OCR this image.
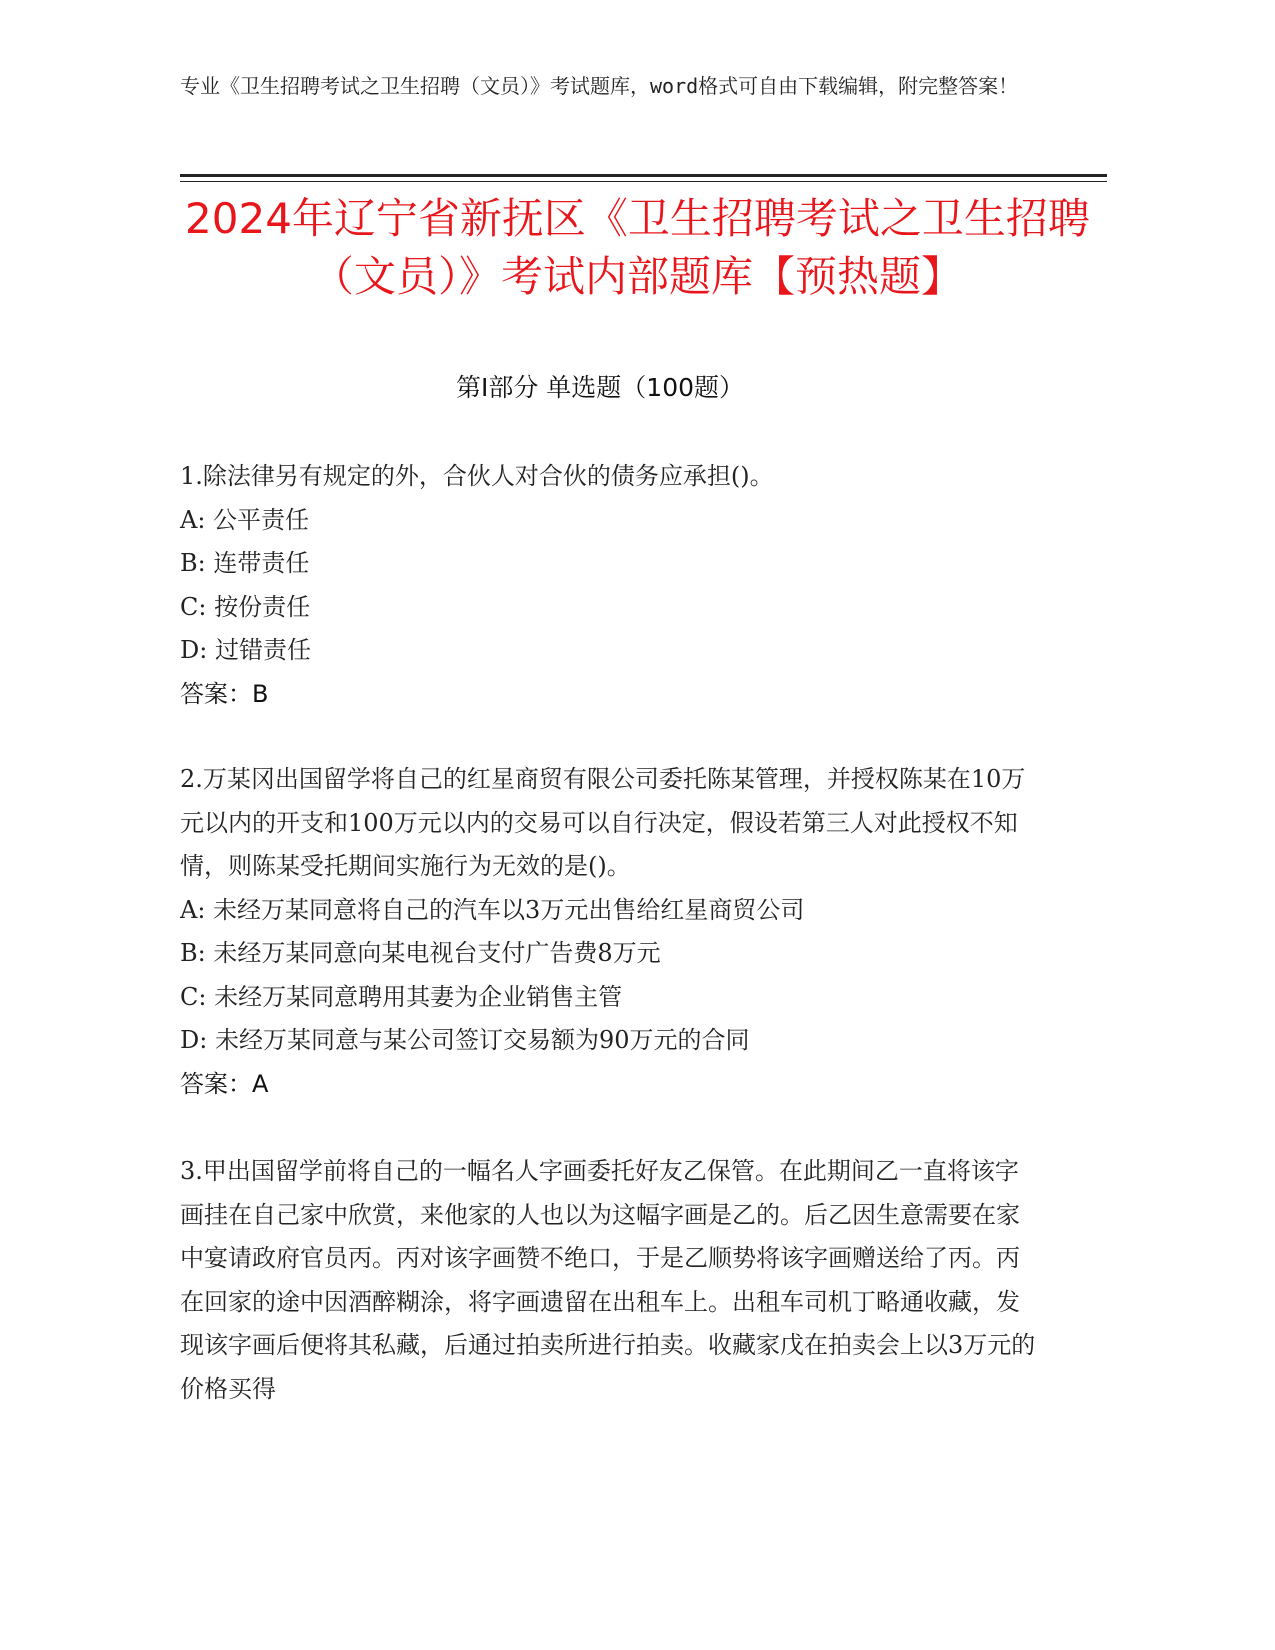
专业《卫生招聘考试之卫生招聘（文员）》考试题库，word格式可自由下载编辑，附完整答案！
2024年辽宁省新抚区《卫生招聘考试之卫生招聘（文员）》考试内部题库【预热题】
第Ⅰ部分 单选题（100题）
1.除法律另有规定的外，合伙人对合伙的债务应承担()。
A: 公平责任
B: 连带责任
C: 按份责任
D: 过错责任
答案：B
2.万某冈出国留学将自己的红星商贸有限公司委托陈某管理，并授权陈某在10万元以内的开支和100万元以内的交易可以自行决定，假设若第三人对此授权不知情，则陈某受托期间实施行为无效的是()。
A: 未经万某同意将自己的汽车以3万元出售给红星商贸公司
B: 未经万某同意向某电视台支付广告费8万元
C: 未经万某同意聘用其妻为企业销售主管
D: 未经万某同意与某公司签订交易额为90万元的合同
答案：A
3.甲出国留学前将自己的一幅名人字画委托好友乙保管。在此期间乙一直将该字画挂在自己家中欣赏，来他家的人也以为这幅字画是乙的。后乙因生意需要在家中宴请政府官员丙。丙对该字画赞不绝口，于是乙顺势将该字画赠送给了丙。丙在回家的途中因酒醉糊涂，将字画遗留在出租车上。出租车司机丁略通收藏，发现该字画后便将其私藏，后通过拍卖所进行拍卖。收藏家戊在拍卖会上以3万元的价格买得
